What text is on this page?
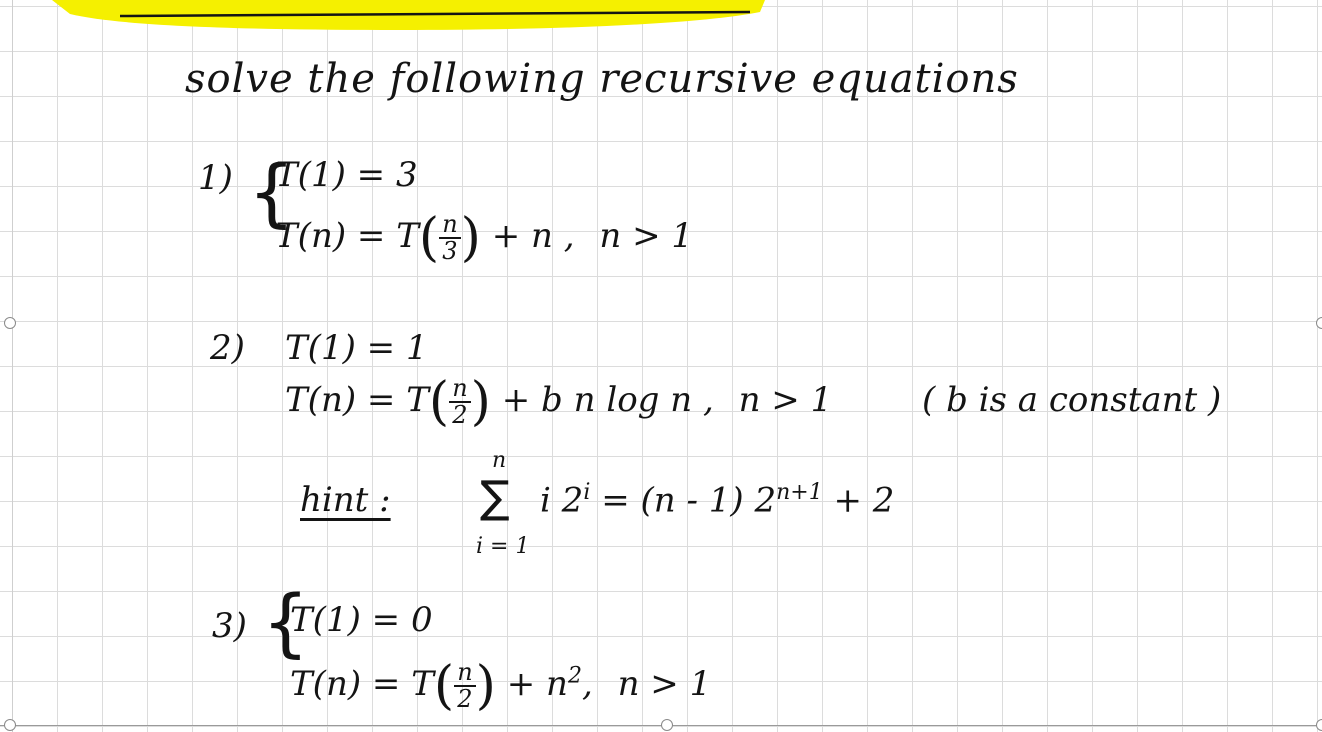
solve the following recursive equations
1) {
T(1) = 3
$T(n) = T( \frac{n}{3}$ ) + n , n > 1
2) T(1) = 1
$T(n) = T( \frac{n}{2}$ ) + b n log n , n > 1	( b is a constant )
hint :
n
∑
i = 1
i $2^i = (n - 1) 2^{n+1} + 2$
3) {
T(1) = 0
$T(n) = T( \frac{n}{2}$ ) + $n^2$, n > 1
